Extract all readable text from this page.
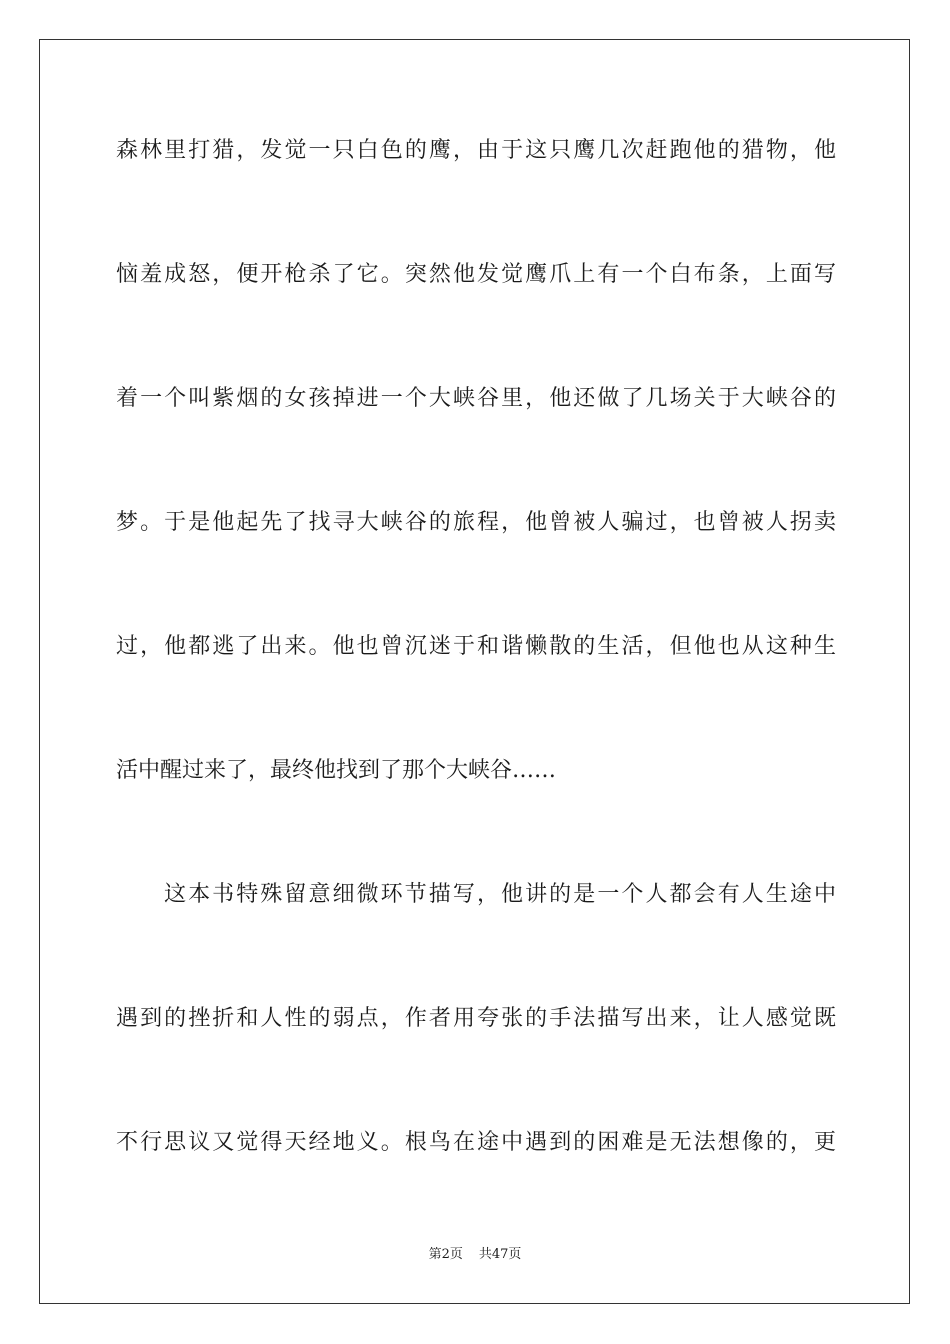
森林里打猎，发觉一只白色的鹰，由于这只鹰几次赶跑他的猎物，他
恼羞成怒，便开枪杀了它。突然他发觉鹰爪上有一个白布条，上面写
着一个叫紫烟的女孩掉进一个大峡谷里，他还做了几场关于大峡谷的
梦。于是他起先了找寻大峡谷的旅程，他曾被人骗过，也曾被人拐卖
过，他都逃了出来。他也曾沉迷于和谐懒散的生活，但他也从这种生
活中醒过来了，最终他找到了那个大峡谷……
这本书特殊留意细微环节描写，他讲的是一个人都会有人生途中
遇到的挫折和人性的弱点，作者用夸张的手法描写出来，让人感觉既
不行思议又觉得天经地义。根鸟在途中遇到的困难是无法想像的，更
第2页 共47页
